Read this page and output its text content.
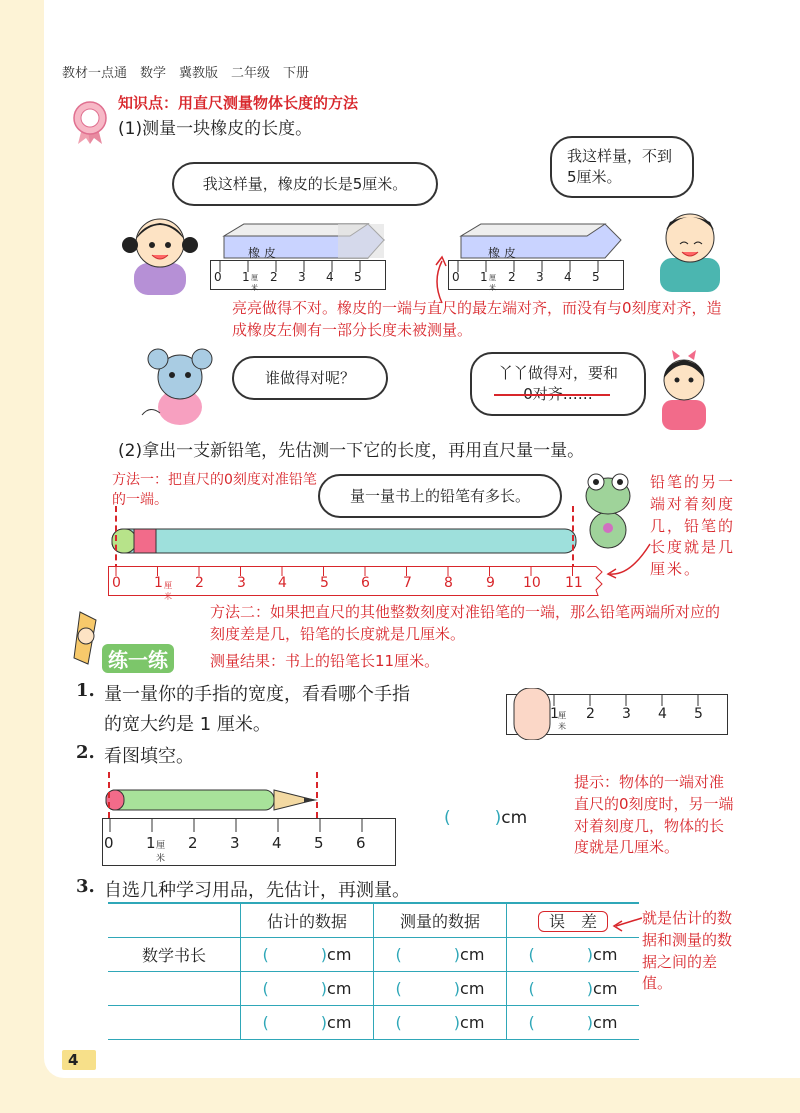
教材一点通　数学　冀教版　二年级　下册
知识点：用直尺测量物体长度的方法
(1)测量一块橡皮的长度。
我这样量，橡皮的长是5厘米。
我这样量，不到5厘米。
橡 皮
0 1 厘米
2 3 4 5
橡 皮
0 1 厘米
2 3 4 5
亮亮做得不对。橡皮的一端与直尺的最左端对齐，而没有与0刻度对齐，造成橡皮左侧有一部分长度未被测量。
谁做得对呢？	丫丫做得对，要和0对齐……
(2)拿出一支新铅笔，先估测一下它的长度，再用直尺量一量。
方法一：把直尺的0刻度对准铅笔的一端。	量一量书上的铅笔有多长。
铅笔的另一端对着刻度几，铅笔的长度就是几厘米。
0 1 厘米
2 3 4 5 6 7 8 9 10 11
方法二：如果把直尺的其他整数刻度对准铅笔的一端，那么铅笔两端所对应的刻度差是几，铅笔的长度就是几厘米。
测量结果：书上的铅笔长11厘米。
练一练
1. 量一量你的手指的宽度，看看哪个手指的宽大约是 1 厘米。	1 厘米
2 3 4 5
2. 看图填空。
0 1 厘米
2 3 4 5 6
(	)cm
提示：物体的一端对准直尺的0刻度时，另一端对着刻度几，物体的长度就是几厘米。
3. 自选几种学习用品，先估计，再测量。
	估计的数据	测量的数据	误　差
数学书长	( )cm	( )cm	( )cm
	( )cm	( )cm	( )cm
	( )cm	( )cm	( )cm
就是估计的数据和测量的数据之间的差值。
4
